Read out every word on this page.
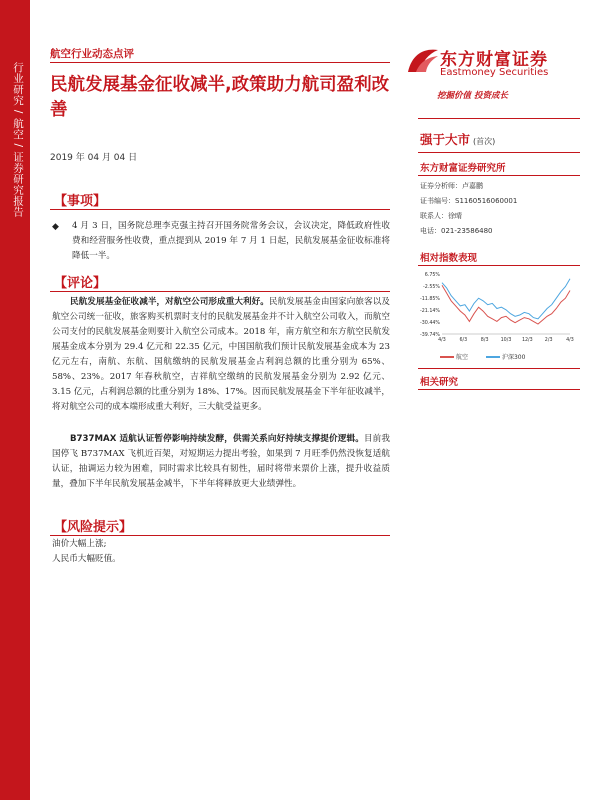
行业研究 / 航空 / 证券研究报告
航空行业动态点评
民航发展基金征收减半,政策助力航司盈利改善
2019 年 04 月 04 日
【事项】
◆ 4 月 3 日，国务院总理李克强主持召开国务院常务会议，会议决定，降低政府性收费和经营服务性收费，重点提到从 2019 年 7 月 1 日起，民航发展基金征收标准将降低一半。
【评论】
民航发展基金征收减半，对航空公司形成重大利好。民航发展基金由国家向旅客以及航空公司统一征收，旅客购买机票时支付的民航发展基金并不计入航空公司收入，而航空公司支付的民航发展基金则要计入航空公司成本。2018 年，南方航空和东方航空民航发展基金成本分别为 29.4 亿元和 22.35 亿元，中国国航我们预计民航发展基金成本为 23 亿元左右，南航、东航、国航缴纳的民航发展基金占利润总额的比重分别为 65%、58%、23%。2017 年春秋航空，吉祥航空缴纳的民航发展基金分别为 2.92 亿元、3.15 亿元，占利润总额的比重分别为 18%、17%。因而民航发展基金下半年征收减半，将对航空公司的成本端形成重大利好，三大航受益更多。
B737MAX 适航认证暂停影响持续发酵，供需关系向好持续支撑提价逻辑。目前我国停飞 B737MAX 飞机近百架，对短期运力提出考验，如果到 7 月旺季仍然没恢复适航认证，抽调运力较为困难，同时需求比较具有韧性，届时将带来票价上涨，提升收益质量，叠加下半年民航发展基金减半，下半年将释放更大业绩弹性。
【风险提示】
油价大幅上涨;
人民币大幅贬值。
东方财富证券
Eastmoney Securities
挖掘价值 投资成长
强于大市 (首次)
东方财富证券研究所
证券分析师：卢嘉鹏
证书编号：S1160516060001
联系人：徐晴
电话：021-23586480
相对指数表现
6.75%
-2.55%
-11.85%
-21.14%
-30.44%
-39.74%
4/3	6/3	8/3	10/3 12/3	2/3	4/3
航空	沪深300
相关研究
